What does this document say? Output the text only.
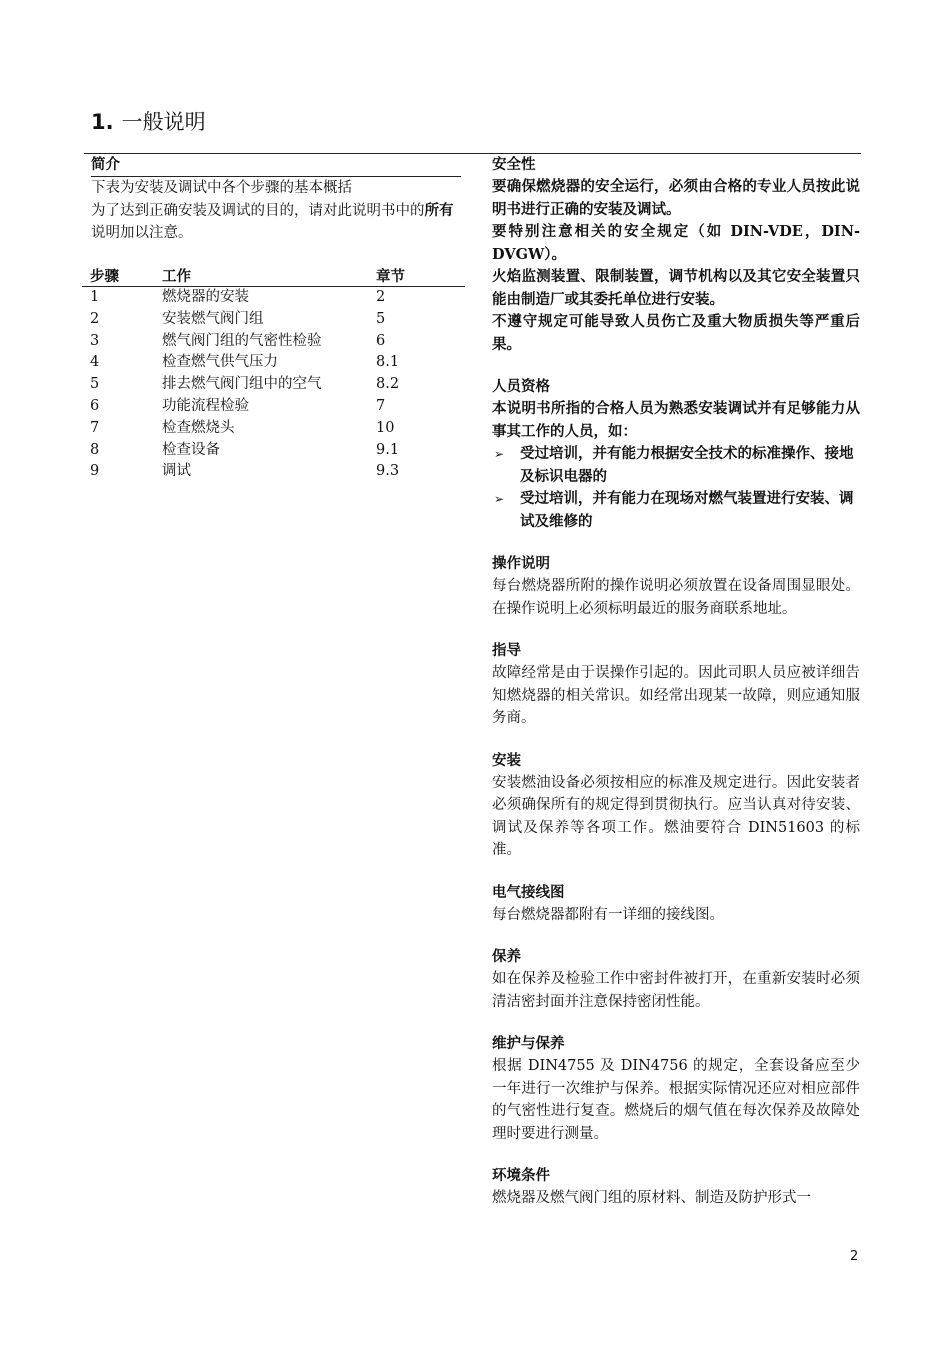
1. 一般说明
简介

下表为安装及调试中各个步骤的基本概括

为了达到正确安装及调试的目的，请对此说明书中的所有说明加以注意。

步骤	工作	章节
1	燃烧器的安装	2
2	安装燃气阀门组	5
3	燃气阀门组的气密性检验	6
4	检查燃气供气压力	8.1
5	排去燃气阀门组中的空气	8.2
6	功能流程检验	7
7	检查燃烧头	10
8	检查设备	9.1
9	调试	9.3
安全性

要确保燃烧器的安全运行，必须由合格的专业人员按此说明书进行正确的安装及调试。

要特别注意相关的安全规定（如 DIN-VDE，DIN-DVGW）。

火焰监测装置、限制装置，调节机构以及其它安全装置只能由制造厂或其委托单位进行安装。

不遵守规定可能导致人员伤亡及重大物质损失等严重后果。

人员资格

本说明书所指的合格人员为熟悉安装调试并有足够能力从事其工作的人员，如：

➢ 受过培训，并有能力根据安全技术的标准操作、接地及标识电器的
➢ 受过培训，并有能力在现场对燃气装置进行安装、调试及维修的
操作说明

每台燃烧器所附的操作说明必须放置在设备周围显眼处。在操作说明上必须标明最近的服务商联系地址。

指导

故障经常是由于误操作引起的。因此司职人员应被详细告知燃烧器的相关常识。如经常出现某一故障，则应通知服务商。

安装

安装燃油设备必须按相应的标准及规定进行。因此安装者必须确保所有的规定得到贯彻执行。应当认真对待安装、调试及保养等各项工作。燃油要符合 DIN51603 的标准。

电气接线图

每台燃烧器都附有一详细的接线图。

保养

如在保养及检验工作中密封件被打开，在重新安装时必须清洁密封面并注意保持密闭性能。

维护与保养

根据 DIN4755 及 DIN4756 的规定，全套设备应至少一年进行一次维护与保养。根据实际情况还应对相应部件的气密性进行复查。燃烧后的烟气值在每次保养及故障处理时要进行测量。

环境条件

燃烧器及燃气阀门组的原材料、制造及防护形式一

2
